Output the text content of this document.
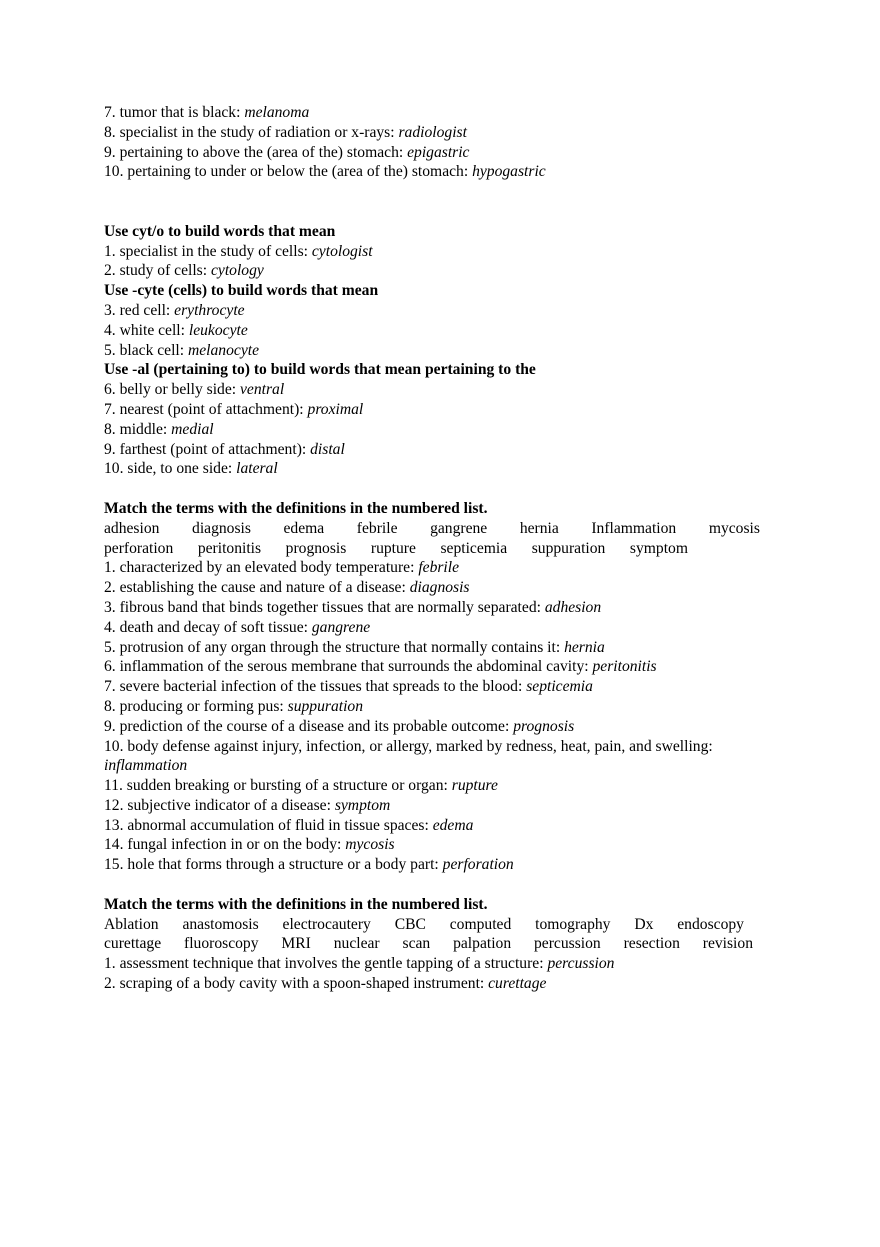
7. tumor that is black: melanoma
8. specialist in the study of radiation or x-rays: radiologist
9. pertaining to above the (area of the) stomach: epigastric
10. pertaining to under or below the (area of the) stomach: hypogastric
Use cyt/o to build words that mean
1. specialist in the study of cells: cytologist
2. study of cells: cytology
Use -cyte (cells) to build words that mean
3. red cell: erythrocyte
4. white cell: leukocyte
5. black cell: melanocyte
Use -al (pertaining to) to build words that mean pertaining to the
6. belly or belly side: ventral
7. nearest (point of attachment): proximal
8. middle: medial
9. farthest (point of attachment): distal
10. side, to one side: lateral
Match the terms with the definitions in the numbered list.
adhesion diagnosis edema febrile gangrene hernia Inflammation mycosis
perforation peritonitis prognosis rupture septicemia suppuration symptom
1. characterized by an elevated body temperature: febrile
2. establishing the cause and nature of a disease: diagnosis
3. fibrous band that binds together tissues that are normally separated: adhesion
4. death and decay of soft tissue: gangrene
5. protrusion of any organ through the structure that normally contains it: hernia
6. inflammation of the serous membrane that surrounds the abdominal cavity: peritonitis
7. severe bacterial infection of the tissues that spreads to the blood: septicemia
8. producing or forming pus: suppuration
9. prediction of the course of a disease and its probable outcome: prognosis
10. body defense against injury, infection, or allergy, marked by redness, heat, pain, and swelling: inflammation
11. sudden breaking or bursting of a structure or organ: rupture
12. subjective indicator of a disease: symptom
13. abnormal accumulation of fluid in tissue spaces: edema
14. fungal infection in or on the body: mycosis
15. hole that forms through a structure or a body part: perforation
Match the terms with the definitions in the numbered list.
Ablation anastomosis electrocautery CBC computed tomography Dx endoscopy
curettage fluoroscopy MRI nuclear scan palpation percussion resection revision
1. assessment technique that involves the gentle tapping of a structure: percussion
2. scraping of a body cavity with a spoon-shaped instrument: curettage
